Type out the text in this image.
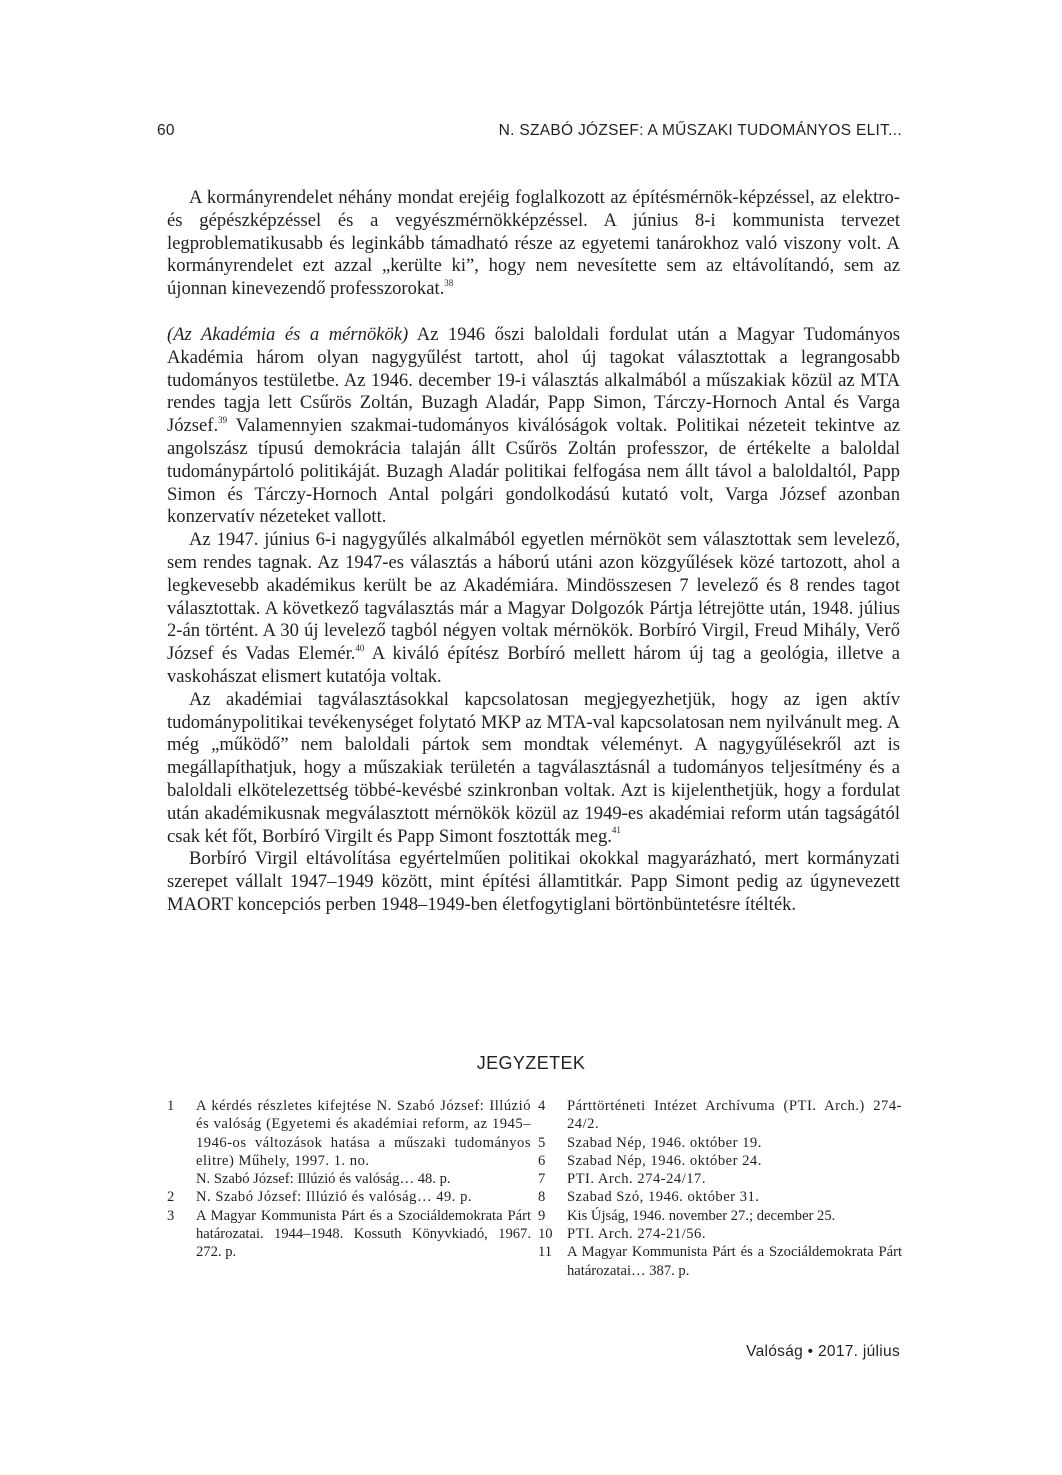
60	N. SZABÓ JÓZSEF: A MŰSZAKI TUDOMÁNYOS ELIT...

A kormányrendelet néhány mondat erejéig foglalkozott az építésmérnök-képzéssel, az elektro- és gépészképzéssel és a vegyészmérnökképzéssel. A június 8-i kommunista tervezet legproblematikusabb és leginkább támadható része az egyetemi tanárokhoz való viszony volt. A kormányrendelet ezt azzal „kerülte ki”, hogy nem nevesítette sem az eltávolítandó, sem az újonnan kinevezendő professzorokat.$^{38}$

(Az Akadémia és a mérnökök) Az 1946 őszi baloldali fordulat után a Magyar Tudományos Akadémia három olyan nagygyűlést tartott, ahol új tagokat választottak a legrangosabb tudományos testületbe. Az 1946. december 19-i választás alkalmából a műszakiak közül az MTA rendes tagja lett Csűrös Zoltán, Buzagh Aladár, Papp Simon, Tárczy-Hornoch Antal és Varga József.$^{39}$ Valamennyien szakmai-tudományos kiválóságok voltak. Politikai nézeteit tekintve az angolszász típusú demokrácia talaján állt Csűrös Zoltán professzor, de értékelte a baloldal tudománypártoló politikáját. Buzagh Aladár politikai felfogása nem állt távol a baloldaltól, Papp Simon és Tárczy-Hornoch Antal polgári gondolkodású kutató volt, Varga József azonban konzervatív nézeteket vallott.

Az 1947. június 6-i nagygyűlés alkalmából egyetlen mérnököt sem választottak sem levelező, sem rendes tagnak. Az 1947-es választás a háború utáni azon közgyűlések közé tartozott, ahol a legkevesebb akadémikus került be az Akadémiára. Mindösszesen 7 levelező és 8 rendes tagot választottak. A következő tagválasztás már a Magyar Dolgozók Pártja létrejötte után, 1948. július 2-án történt. A 30 új levelező tagból négyen voltak mérnökök. Borbíró Virgil, Freud Mihály, Verő József és Vadas Elemér.$^{40}$ A kiváló építész Borbíró mellett három új tag a geológia, illetve a vaskohászat elismert kutatója voltak.

Az akadémiai tagválasztásokkal kapcsolatosan megjegyezhetjük, hogy az igen aktív tudománypolitikai tevékenységet folytató MKP az MTA-val kapcsolatosan nem nyilvánult meg. A még „működő” nem baloldali pártok sem mondtak véleményt. A nagygyűlésekről azt is megállapíthatjuk, hogy a műszakiak területén a tagválasztásnál a tudományos teljesítmény és a baloldali elkötelezettség többé-kevésbé szinkronban voltak. Azt is kijelenthetjük, hogy a fordulat után akadémikusnak megválasztott mérnökök közül az 1949-es akadémiai reform után tagságától csak két főt, Borbíró Virgilt és Papp Simont fosztották meg.$^{41}$

Borbíró Virgil eltávolítása egyértelműen politikai okokkal magyarázható, mert kormányzati szerepet vállalt 1947–1949 között, mint építési államtitkár. Papp Simont pedig az úgynevezett MAORT koncepciós perben 1948–1949-ben életfogytiglani börtönbüntetésre ítélték.

JEGYZETEK
1 A kérdés részletes kifejtése N. Szabó József: Illúzió és valóság (Egyetemi és akadémiai reform, az 1945–1946-os változások hatása a műszaki tudományos elitre) Műhely, 1997. 1. no.
N. Szabó József: Illúzió és valóság… 48. p.
2 N. Szabó József: Illúzió és valóság… 49. p.
3 A Magyar Kommunista Párt és a Szociáldemokrata Párt határozatai. 1944–1948. Kossuth Könyvkiadó, 1967. 272. p.
4 Párttörténeti Intézet Archívuma (PTI. Arch.) 274-24/2.
5 Szabad Nép, 1946. október 19.
6 Szabad Nép, 1946. október 24.
7 PTI. Arch. 274-24/17.
8 Szabad Szó, 1946. október 31.
9 Kis Újság, 1946. november 27.; december 25.
10 PTI. Arch. 274-21/56.
11 A Magyar Kommunista Párt és a Szociáldemokrata Párt határozatai… 387. p.
Valóság • 2017. július
